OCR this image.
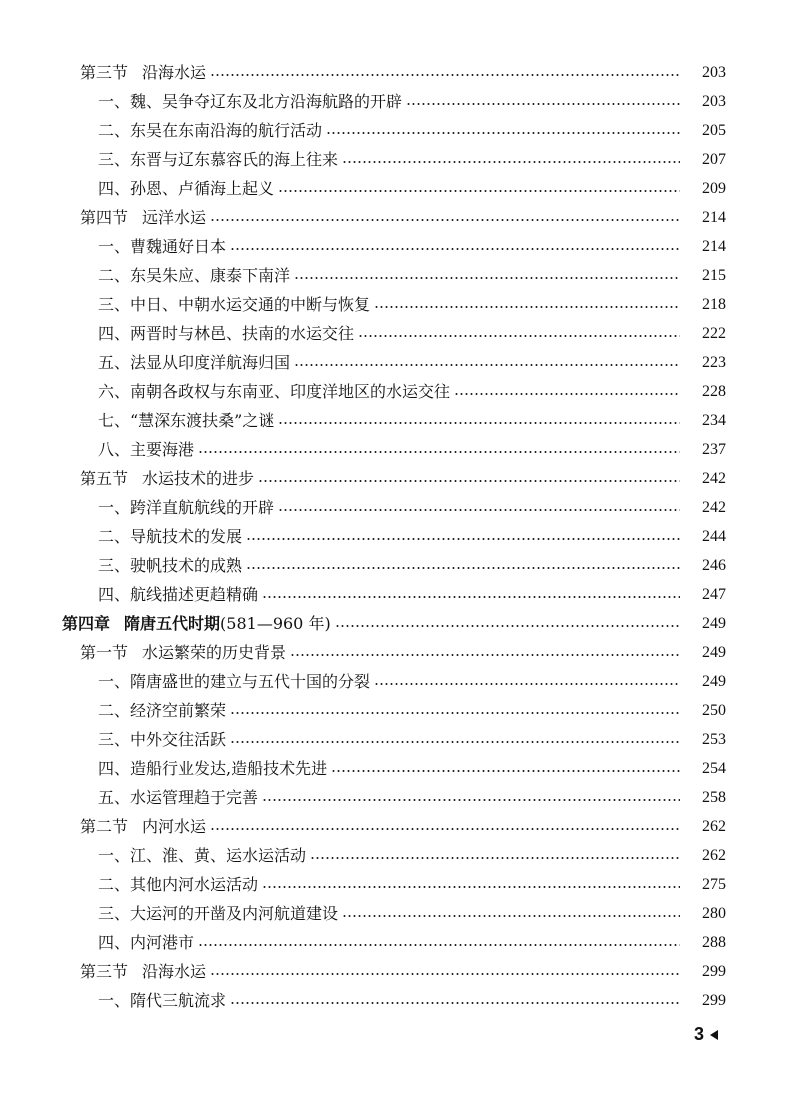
第三节 沿海水运	203
一、魏、吴争夺辽东及北方沿海航路的开辟	203
二、东吴在东南沿海的航行活动	205
三、东晋与辽东慕容氏的海上往来	207
四、孙恩、卢循海上起义	209
第四节 远洋水运	214
一、曹魏通好日本	214
二、东吴朱应、康泰下南洋	215
三、中日、中朝水运交通的中断与恢复	218
四、两晋时与林邑、扶南的水运交往	222
五、法显从印度洋航海归国	223
六、南朝各政权与东南亚、印度洋地区的水运交往	228
七、“慧深东渡扶桑”之谜	234
八、主要海港	237
第五节 水运技术的进步	242
一、跨洋直航航线的开辟	242
二、导航技术的发展	244
三、驶帆技术的成熟	246
四、航线描述更趋精确	247
第四章 隋唐五代时期(581—960 年)	249
第一节 水运繁荣的历史背景	249
一、隋唐盛世的建立与五代十国的分裂	249
二、经济空前繁荣	250
三、中外交往活跃	253
四、造船行业发达,造船技术先进	254
五、水运管理趋于完善	258
第二节 内河水运	262
一、江、淮、黄、运水运活动	262
二、其他内河水运活动	275
三、大运河的开凿及内河航道建设	280
四、内河港市	288
第三节 沿海水运	299
一、隋代三航流求	299
3
